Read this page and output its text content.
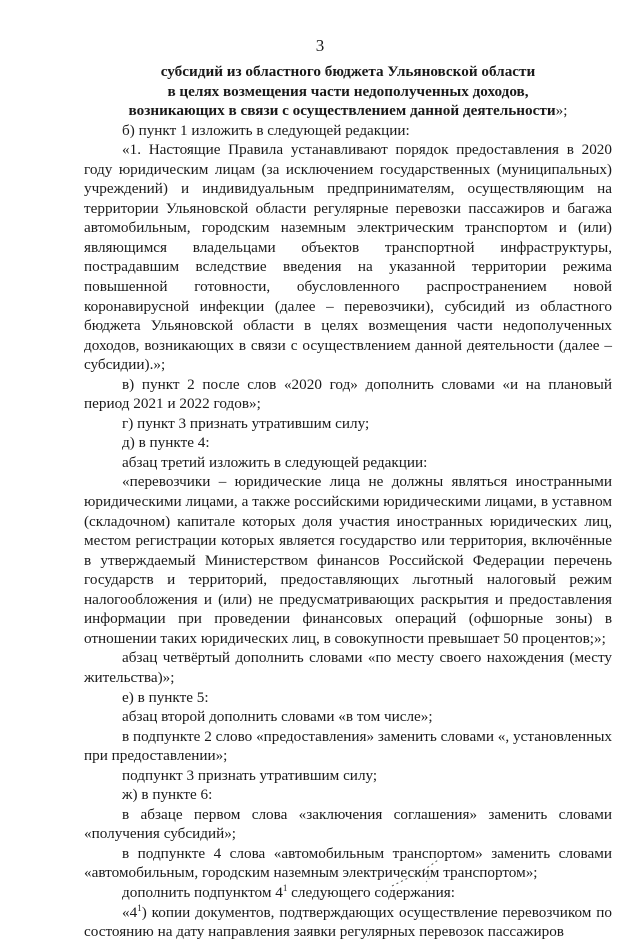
3

субсидий из областного бюджета Ульяновской области

в целях возмещения части недополученных доходов,

возникающих в связи с осуществлением данной деятельности»;

б) пункт 1 изложить в следующей редакции:

«1. Настоящие Правила устанавливают порядок предоставления в 2020 году юридическим лицам (за исключением государственных (муниципальных) учреждений) и индивидуальным предпринимателям, осуществляющим на территории Ульяновской области регулярные перевозки пассажиров и багажа автомобильным, городским наземным электрическим транспортом и (или) являющимся владельцами объектов транспортной инфраструктуры, пострадавшим вследствие введения на указанной территории режима повышенной готовности, обусловленного распространением новой коронавирусной инфекции (далее – перевозчики), субсидий из областного бюджета Ульяновской области в целях возмещения части недополученных доходов, возникающих в связи с осуществлением данной деятельности (далее – субсидии).»;

в) пункт 2 после слов «2020 год» дополнить словами «и на плановый период 2021 и 2022 годов»;

г) пункт 3 признать утратившим силу;

д) в пункте 4:

абзац третий изложить в следующей редакции:

«перевозчики – юридические лица не должны являться иностранными юридическими лицами, а также российскими юридическими лицами, в уставном (складочном) капитале которых доля участия иностранных юридических лиц, местом регистрации которых является государство или территория, включённые в утверждаемый Министерством финансов Российской Федерации перечень государств и территорий, предоставляющих льготный налоговый режим налогообложения и (или) не предусматривающих раскрытия и предоставления информации при проведении финансовых операций (офшорные зоны) в отношении таких юридических лиц, в совокупности превышает 50 процентов;»;

абзац четвёртый дополнить словами «по месту своего нахождения (месту жительства)»;

е) в пункте 5:

абзац второй дополнить словами «в том числе»;

в подпункте 2 слово «предоставления» заменить словами «, установленных при предоставлении»;

подпункт 3 признать утратившим силу;

ж) в пункте 6:

в абзаце первом слова «заключения соглашения» заменить словами «получения субсидий»;

в подпункте 4 слова «автомобильным транспортом» заменить словами «автомобильным, городским наземным электрическим транспортом»;

дополнить подпунктом $4^1$ следующего содержания:

«$4^1$) копии документов, подтверждающих осуществление перевозчиком по состоянию на дату направления заявки регулярных перевозок пассажиров
